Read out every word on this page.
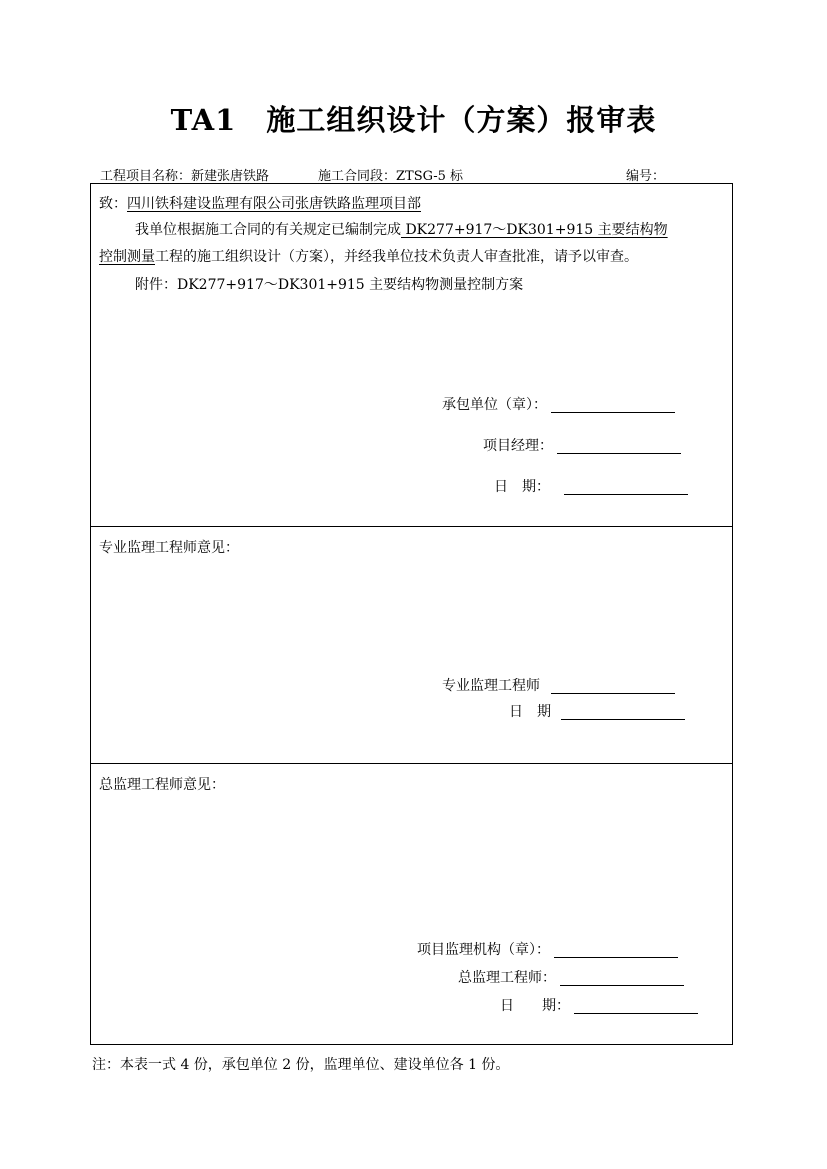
TA1　施工组织设计（方案）报审表
工程项目名称：新建张唐铁路	施工合同段：ZTSG-5 标	编号：
致：四川铁科建设监理有限公司张唐铁路监理项目部
我单位根据施工合同的有关规定已编制完成 DK277+917～DK301+915 主要结构物
控制测量工程的施工组织设计（方案），并经我单位技术负责人审查批准，请予以审查。
附件：DK277+917～DK301+915 主要结构物测量控制方案
承包单位（章）：
项目经理：
日　期：
专业监理工程师意见：
专业监理工程师
日　期
总监理工程师意见：
项目监理机构（章）：
总监理工程师：
日　　期：
注：本表一式 4 份，承包单位 2 份，监理单位、建设单位各 1 份。
